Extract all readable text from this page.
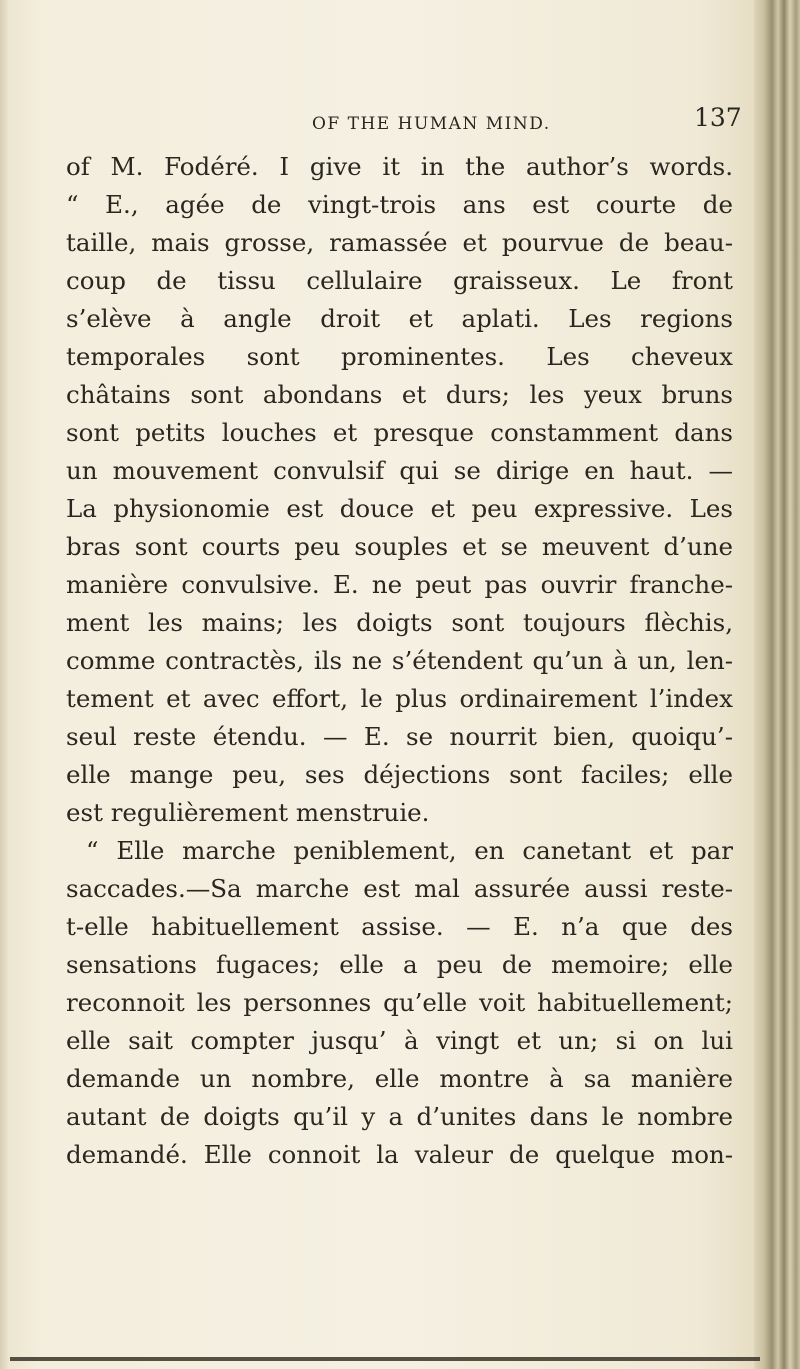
OF THE HUMAN MIND.	137
of M. Fodéré. I give it in the author’s words.
“ E., agée de vingt-trois ans est courte de
taille, mais grosse, ramassée et pourvue de beau-
coup de tissu cellulaire graisseux. Le front
s’elève à angle droit et aplati. Les regions
temporales sont prominentes. Les cheveux
châtains sont abondans et durs; les yeux bruns
sont petits louches et presque constamment dans
un mouvement convulsif qui se dirige en haut. —
La physionomie est douce et peu expressive. Les
bras sont courts peu souples et se meuvent d’une
manière convulsive. E. ne peut pas ouvrir franche-
ment les mains; les doigts sont toujours flèchis,
comme contractès, ils ne s’étendent qu’un à un, len-
tement et avec effort, le plus ordinairement l’index
seul reste étendu. — E. se nourrit bien, quoiqu’-
elle mange peu, ses déjections sont faciles; elle
est regulièrement menstruie.
“ Elle marche peniblement, en canetant et par
saccades.—Sa marche est mal assurée aussi reste-
t-elle habituellement assise. — E. n’a que des
sensations fugaces; elle a peu de memoire; elle
reconnoit les personnes qu’elle voit habituellement;
elle sait compter jusqu’ à vingt et un; si on lui
demande un nombre, elle montre à sa manière
autant de doigts qu’il y a d’unites dans le nombre
demandé. Elle connoit la valeur de quelque mon-
